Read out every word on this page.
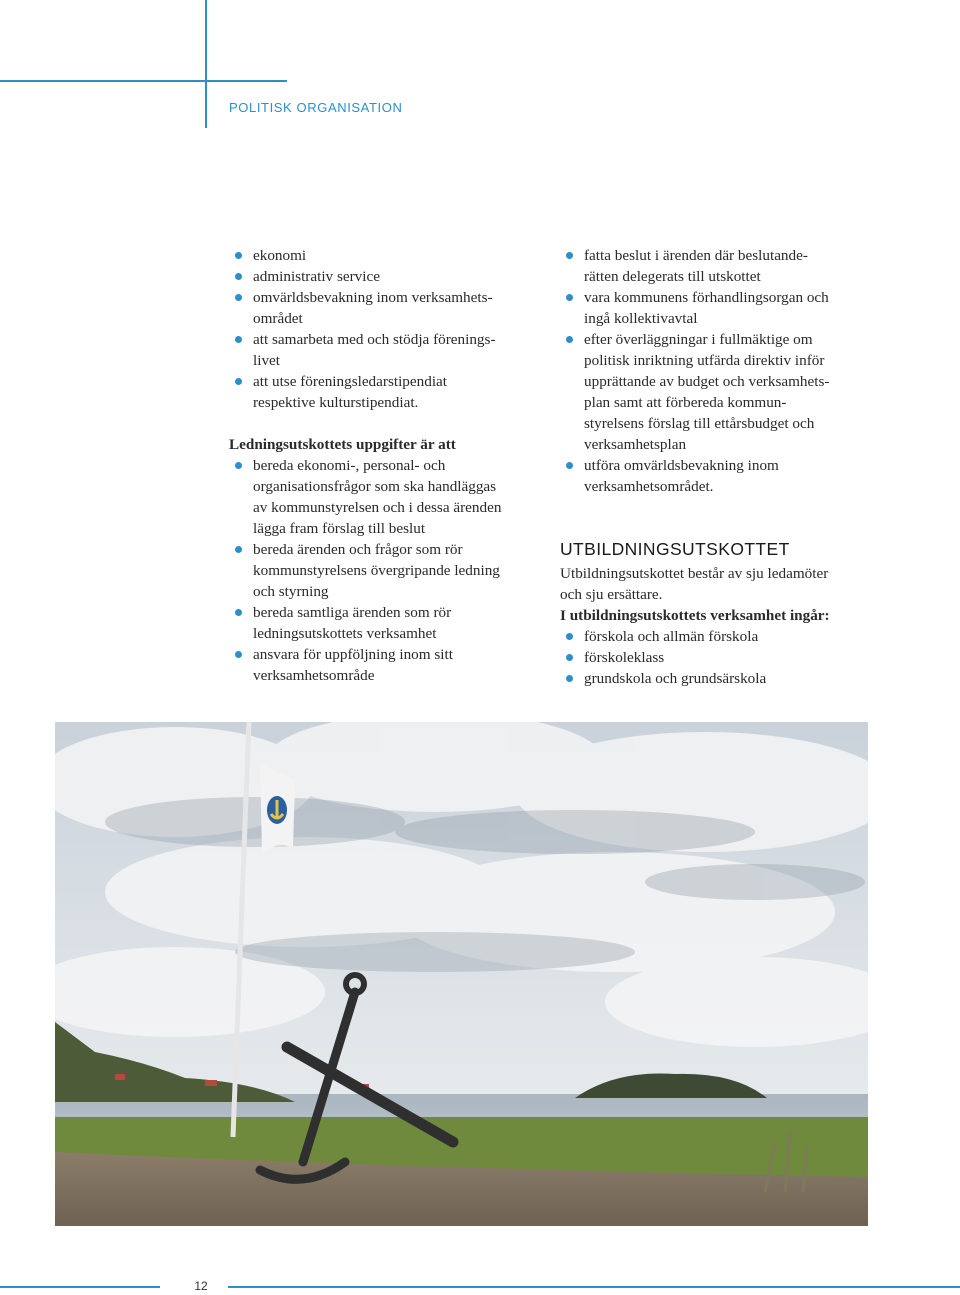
POLITISK ORGANISATION
ekonomi
administrativ service
omvärldsbevakning inom verksamhets-
området
att samarbeta med och stödja förenings-
livet
att utse föreningsledarstipendiat
respektive kulturstipendiat.
Ledningsutskottets uppgifter är att
bereda ekonomi-, personal- och
organisationsfrågor som ska handläggas
av kommunstyrelsen och i dessa ärenden
lägga fram förslag till beslut
bereda ärenden och frågor som rör
kommunstyrelsens övergripande ledning
och styrning
bereda samtliga ärenden som rör
ledningsutskottets verksamhet
ansvara för uppföljning inom sitt
verksamhetsområde
fatta beslut i ärenden där beslutande-
rätten delegerats till utskottet
vara kommunens förhandlingsorgan och
ingå kollektivavtal
efter överläggningar i fullmäktige om
politisk inriktning utfärda direktiv inför
upprättande av budget och verksamhets-
plan samt att förbereda kommun-
styrelsens förslag till ettårsbudget och
verksamhetsplan
utföra omvärldsbevakning inom
verksamhetsområdet.
UTBILDNINGSUTSKOTTET
Utbildningsutskottet består av sju ledamöter
och sju ersättare.
I utbildningsutskottets verksamhet ingår:
förskola och allmän förskola
förskoleklass
grundskola och grundsärskola
12
